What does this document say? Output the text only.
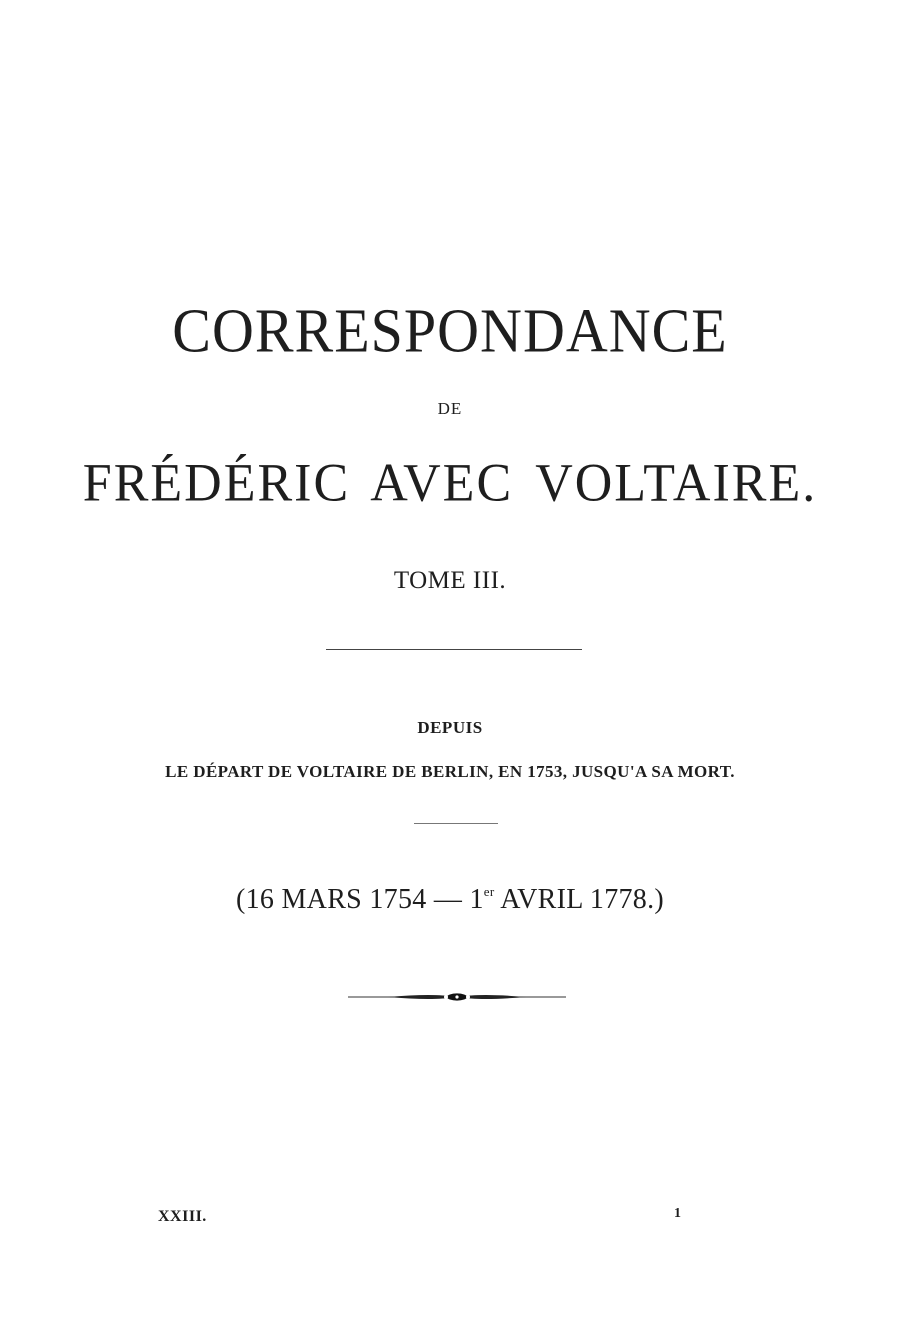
CORRESPONDANCE
DE
FRÉDÉRIC AVEC VOLTAIRE.
TOME III.
DEPUIS
LE DÉPART DE VOLTAIRE DE BERLIN, EN 1753, JUSQU'A SA MORT.
(16 MARS 1754 — 1er AVRIL 1778.)
XXIII.	1
